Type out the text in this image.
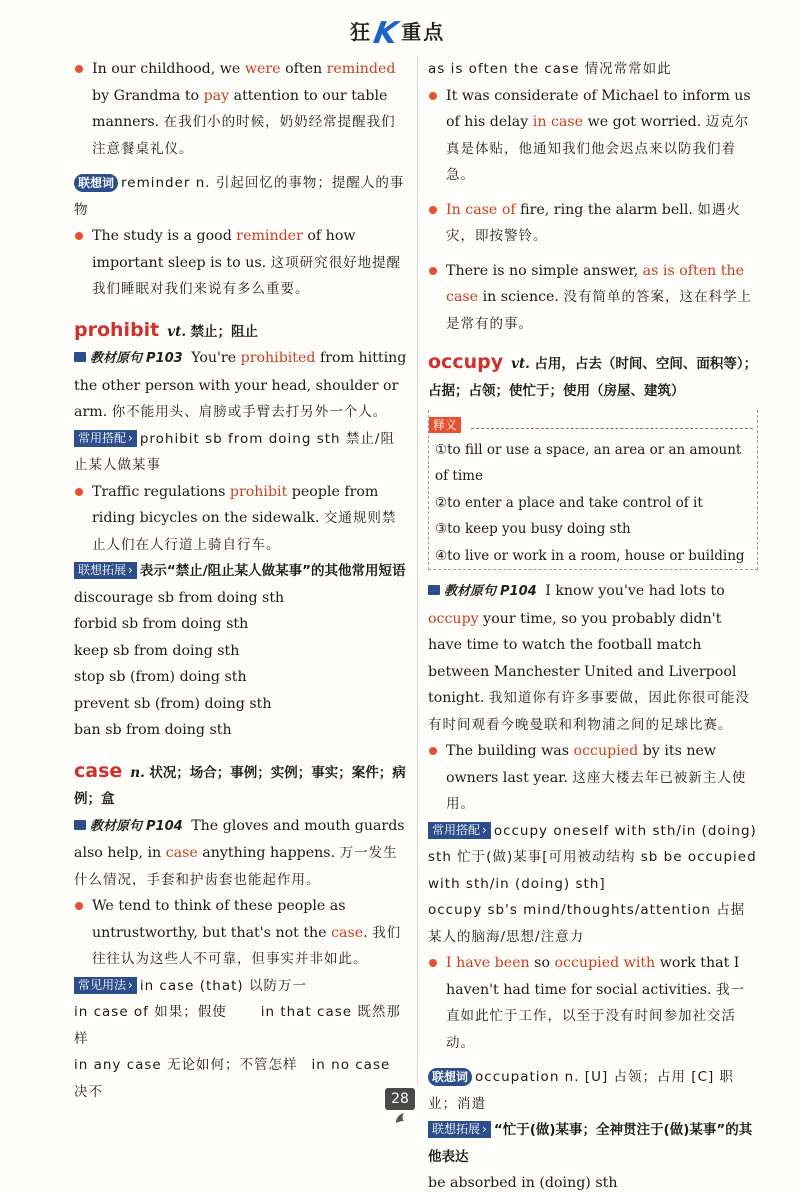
狂K重点

In our childhood, we were often reminded by Grandma to pay attention to our table manners. 在我们小的时候，奶奶经常提醒我们注意餐桌礼仪。

联想词 reminder n. 引起回忆的事物；提醒人的事物

The study is a good reminder of how important sleep is to us. 这项研究很好地提醒我们睡眠对我们来说有多么重要。

prohibit vt. 禁止；阻止

教材原句 P103 You're prohibited from hitting the other person with your head, shoulder or arm. 你不能用头、肩膀或手臂去打另外一个人。

常用搭配 › prohibit sb from doing sth 禁止/阻止某人做某事

Traffic regulations prohibit people from riding bicycles on the sidewalk. 交通规则禁止人们在人行道上骑自行车。

联想拓展 › 表示“禁止/阻止某人做某事”的其他常用短语

discourage sb from doing sth

forbid sb from doing sth

keep sb from doing sth

stop sb (from) doing sth

prevent sb (from) doing sth

ban sb from doing sth

case n. 状况；场合；事例；实例；事实；案件；病例；盒

教材原句 P104 The gloves and mouth guards also help, in case anything happens. 万一发生什么情况，手套和护齿套也能起作用。

We tend to think of these people as untrustworthy, but that's not the case. 我们往往认为这些人不可靠，但事实并非如此。

常见用法 › in case (that) 以防万一

in case of 如果；假使	in that case 既然那样

in any case 无论如何；不管怎样 in no case 决不

as is often the case 情况常常如此

It was considerate of Michael to inform us of his delay in case we got worried. 迈克尔真是体贴，他通知我们他会迟点来以防我们着急。

In case of fire, ring the alarm bell. 如遇火灾，即按警铃。

There is no simple answer, as is often the case in science. 没有简单的答案，这在科学上是常有的事。

occupy vt. 占用，占去（时间、空间、面积等）；占据；占领；使忙于；使用（房屋、建筑）

释义

①to fill or use a space, an area or an amount of time

②to enter a place and take control of it

③to keep you busy doing sth

④to live or work in a room, house or building

教材原句 P104 I know you've had lots to occupy your time, so you probably didn't have time to watch the football match between Manchester United and Liverpool tonight. 我知道你有许多事要做，因此你很可能没有时间观看今晚曼联和利物浦之间的足球比赛。

The building was occupied by its new owners last year. 这座大楼去年已被新主人使用。

常用搭配 › occupy oneself with sth/in (doing) sth 忙于(做)某事[可用被动结构 sb be occupied with sth/in (doing) sth]

occupy sb's mind/thoughts/attention 占据某人的脑海/思想/注意力

I have been so occupied with work that I haven't had time for social activities. 我一直如此忙于工作，以至于没有时间参加社交活动。

联想词 occupation n. [U] 占领；占用 [C] 职业；消遣

联想拓展 › “忙于(做)某事；全神贯注于(做)某事”的其他表达

be absorbed in (doing) sth

28
